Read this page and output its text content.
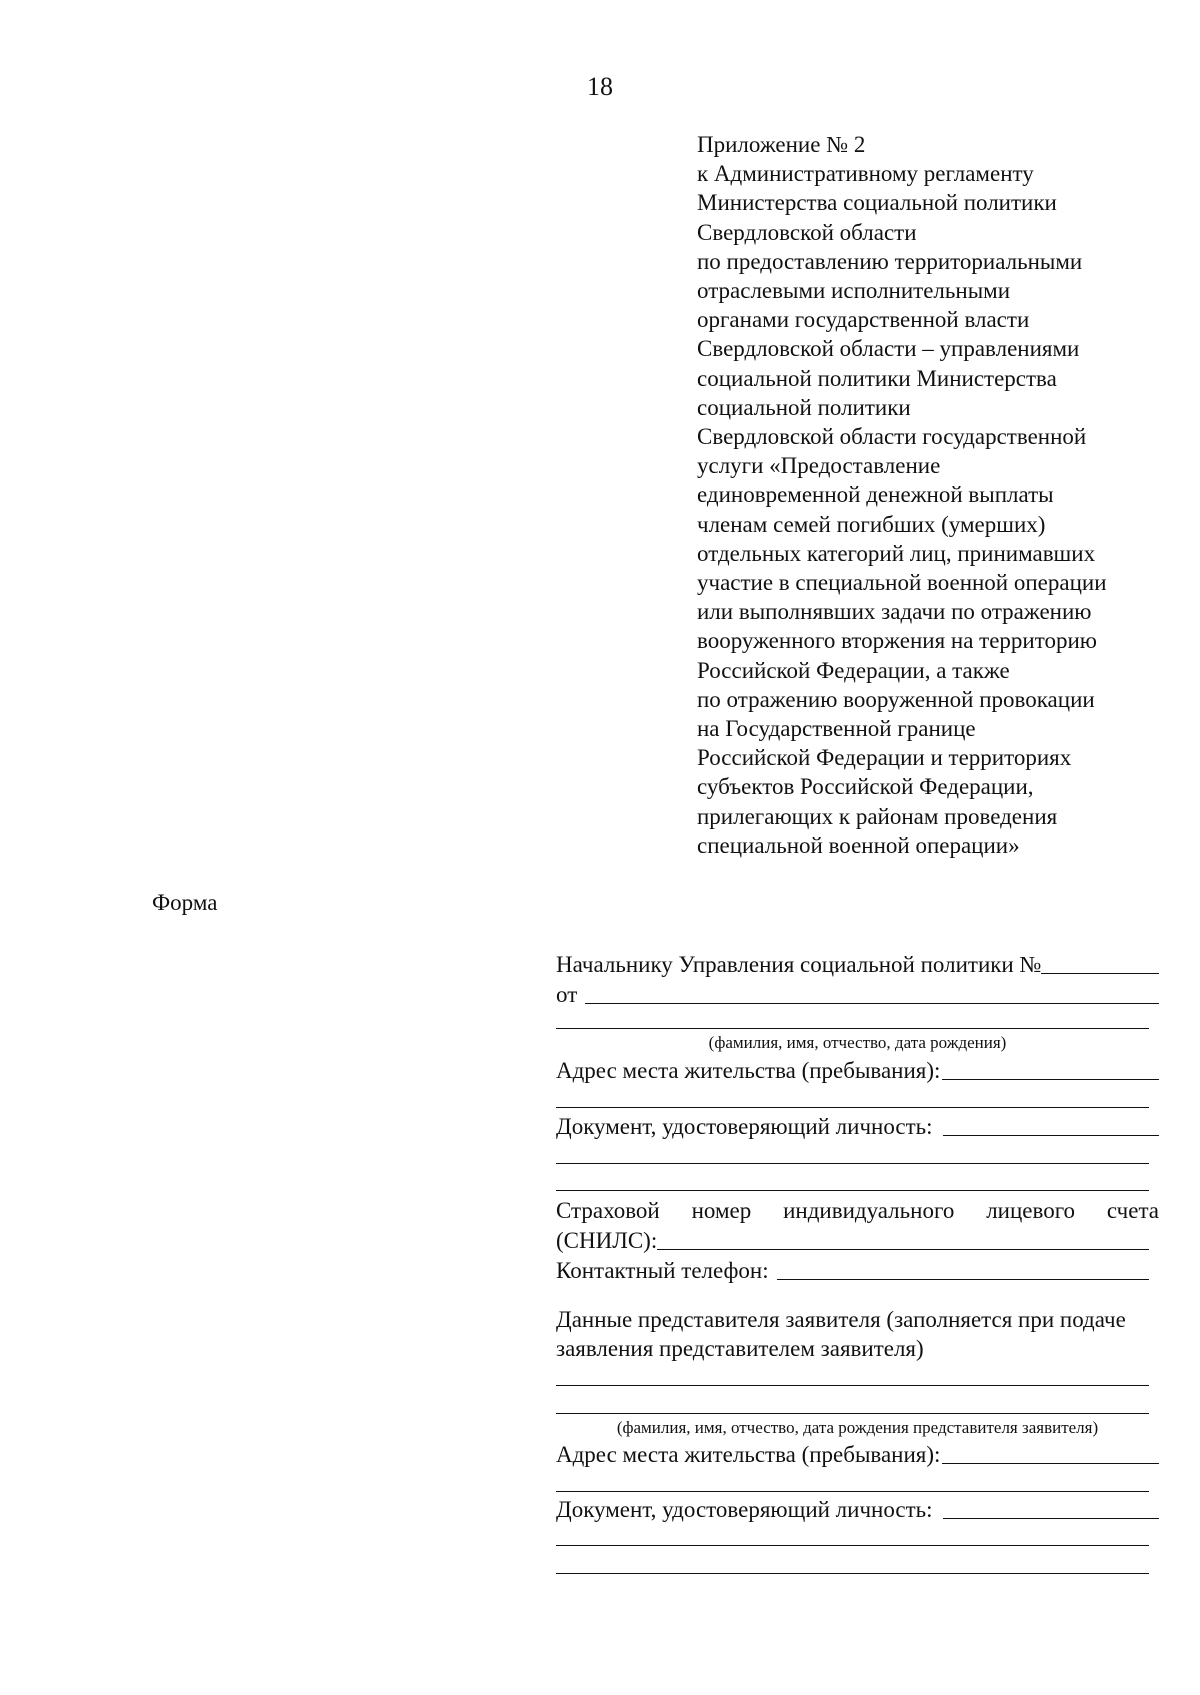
18
Приложение № 2
к Административному регламенту
Министерства социальной политики
Свердловской области
по предоставлению территориальными
отраслевыми исполнительными
органами государственной власти
Свердловской области – управлениями
социальной политики Министерства
социальной политики
Свердловской области государственной
услуги «Предоставление
единовременной денежной выплаты
членам семей погибших (умерших)
отдельных категорий лиц, принимавших
участие в специальной военной операции
или выполнявших задачи по отражению
вооруженного вторжения на территорию
Российской Федерации, а также
по отражению вооруженной провокации
на Государственной границе
Российской Федерации и территориях
субъектов Российской Федерации,
прилегающих к районам проведения
специальной военной операции»
Форма
Начальнику Управления социальной политики №
от
(фамилия, имя, отчество, дата рождения)
Адрес места жительства (пребывания):
Документ, удостоверяющий личность:
Страховой номер индивидуального лицевого счета
(СНИЛС):
Контактный телефон:
Данные представителя заявителя (заполняется при подаче
заявления представителем заявителя)
(фамилия, имя, отчество, дата рождения представителя заявителя)
Адрес места жительства (пребывания):
Документ, удостоверяющий личность:
